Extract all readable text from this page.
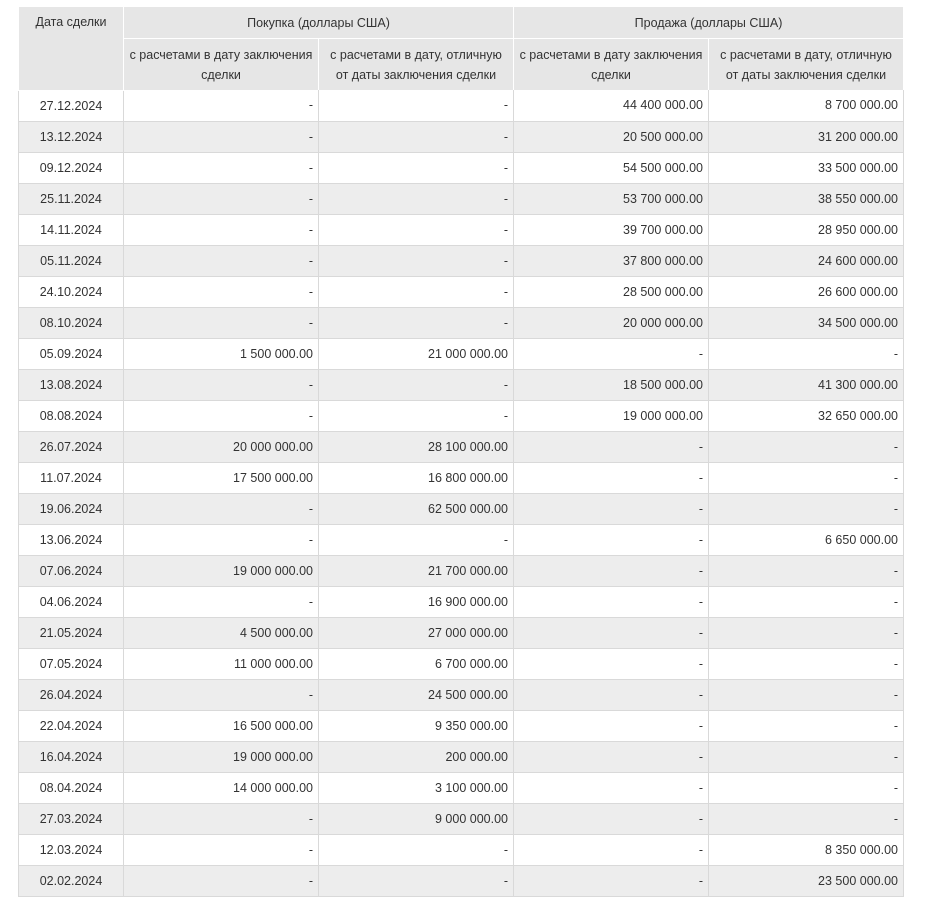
Дата сделки	Покупка (доллары США)		Продажа (доллары США)	
	с расчетами в дату заключения сделки	с расчетами в дату, отличную от даты заключения сделки	с расчетами в дату заключения сделки	с расчетами в дату, отличную от даты заключения сделки
27.12.2024	-	-	44 400 000.00	8 700 000.00
13.12.2024	-	-	20 500 000.00	31 200 000.00
09.12.2024	-	-	54 500 000.00	33 500 000.00
25.11.2024	-	-	53 700 000.00	38 550 000.00
14.11.2024	-	-	39 700 000.00	28 950 000.00
05.11.2024	-	-	37 800 000.00	24 600 000.00
24.10.2024	-	-	28 500 000.00	26 600 000.00
08.10.2024	-	-	20 000 000.00	34 500 000.00
05.09.2024	1 500 000.00	21 000 000.00	-	-
13.08.2024	-	-	18 500 000.00	41 300 000.00
08.08.2024	-	-	19 000 000.00	32 650 000.00
26.07.2024	20 000 000.00	28 100 000.00	-	-
11.07.2024	17 500 000.00	16 800 000.00	-	-
19.06.2024	-	62 500 000.00	-	-
13.06.2024	-	-	-	6 650 000.00
07.06.2024	19 000 000.00	21 700 000.00	-	-
04.06.2024	-	16 900 000.00	-	-
21.05.2024	4 500 000.00	27 000 000.00	-	-
07.05.2024	11 000 000.00	6 700 000.00	-	-
26.04.2024	-	24 500 000.00	-	-
22.04.2024	16 500 000.00	9 350 000.00	-	-
16.04.2024	19 000 000.00	200 000.00	-	-
08.04.2024	14 000 000.00	3 100 000.00	-	-
27.03.2024	-	9 000 000.00	-	-
12.03.2024	-	-	-	8 350 000.00
02.02.2024	-	-	-	23 500 000.00
